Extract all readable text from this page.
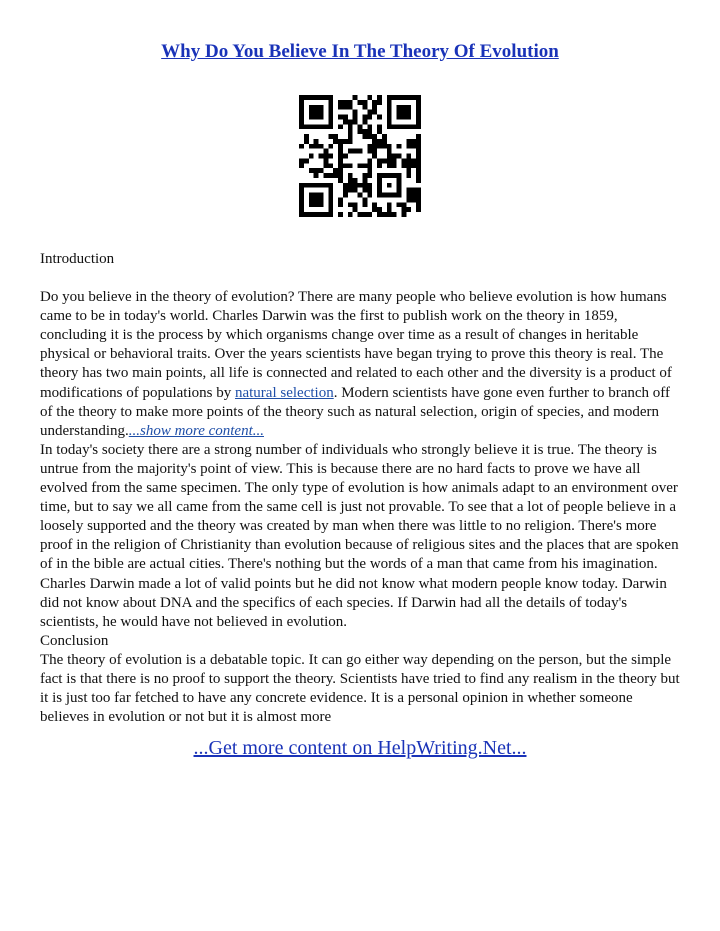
Why Do You Believe In The Theory Of Evolution

Introduction

Do you believe in the theory of evolution? There are many people who believe evolution is how humans came to be in today's world. Charles Darwin was the first to publish work on the theory in 1859, concluding it is the process by which organisms change over time as a result of changes in heritable physical or behavioral traits. Over the years scientists have began trying to prove this theory is real. The theory has two main points, all life is connected and related to each other and the diversity is a product of modifications of populations by natural selection. Modern scientists have gone even further to branch off of the theory to make more points of the theory such as natural selection, origin of species, and modern understanding....show more content...

In today's society there are a strong number of individuals who strongly believe it is true. The theory is untrue from the majority's point of view. This is because there are no hard facts to prove we have all evolved from the same specimen. The only type of evolution is how animals adapt to an environment over time, but to say we all came from the same cell is just not provable. To see that a lot of people believe in a loosely supported and the theory was created by man when there was little to no religion. There's more proof in the religion of Christianity than evolution because of religious sites and the places that are spoken of in the bible are actual cities. There's nothing but the words of a man that came from his imagination. Charles Darwin made a lot of valid points but he did not know what modern people know today. Darwin did not know about DNA and the specifics of each species. If Darwin had all the details of today's scientists, he would have not believed in evolution.

Conclusion

The theory of evolution is a debatable topic. It can go either way depending on the person, but the simple fact is that there is no proof to support the theory. Scientists have tried to find any realism in the theory but it is just too far fetched to have any concrete evidence. It is a personal opinion in whether someone believes in evolution or not but it is almost more

...Get more content on HelpWriting.Net...
